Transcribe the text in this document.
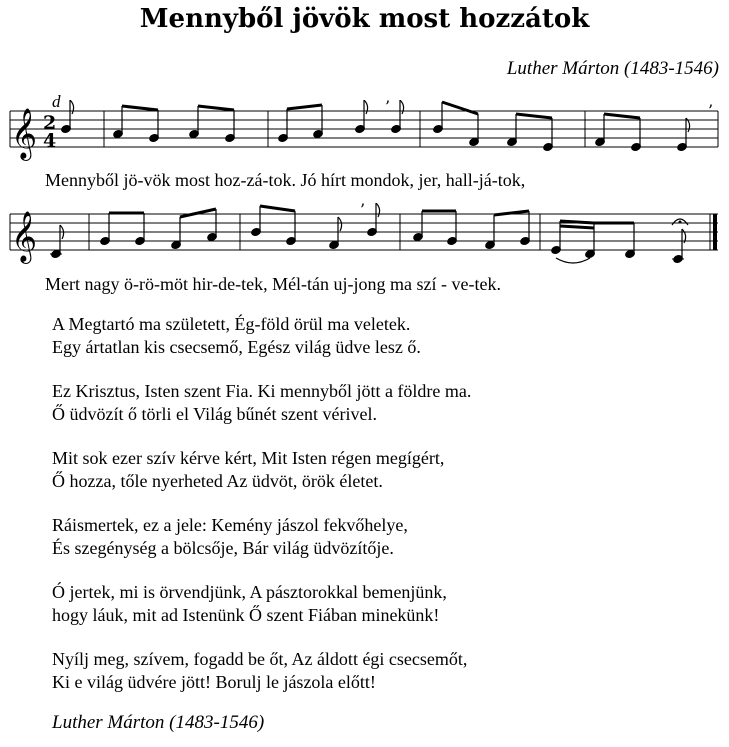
Mennyből jövök most hozzátok
Luther Márton (1483-1546)
d
𝄞 2
4
’	’
Mennyből jö-vök most hoz-zá-tok. Jó hírt mondok, jer, hall-já-tok,
𝄞
’
Mert nagy ö-rö-möt hir-de-tek, Mél-tán uj-jong ma szí - ve-tek.
A Megtartó ma született, Ég-föld örül ma veletek.
Egy ártatlan kis csecsemő, Egész világ üdve lesz ő.
Ez Krisztus, Isten szent Fia. Ki mennyből jött a földre ma.
Ő üdvözít ő törli el Világ bűnét szent vérivel.
Mit sok ezer szív kérve kért, Mit Isten régen megígért,
Ő hozza, tőle nyerheted Az üdvöt, örök életet.
Ráismertek, ez a jele: Kemény jászol fekvőhelye,
És szegénység a bölcsője, Bár világ üdvözítője.
Ó jertek, mi is örvendjünk, A pásztorokkal bemenjünk,
hogy láuk, mit ad Istenünk Ő szent Fiában minekünk!
Nyílj meg, szívem, fogadd be őt, Az áldott égi csecsemőt,
Ki e világ üdvére jött! Borulj le jászola előtt!
Luther Márton (1483-1546)
